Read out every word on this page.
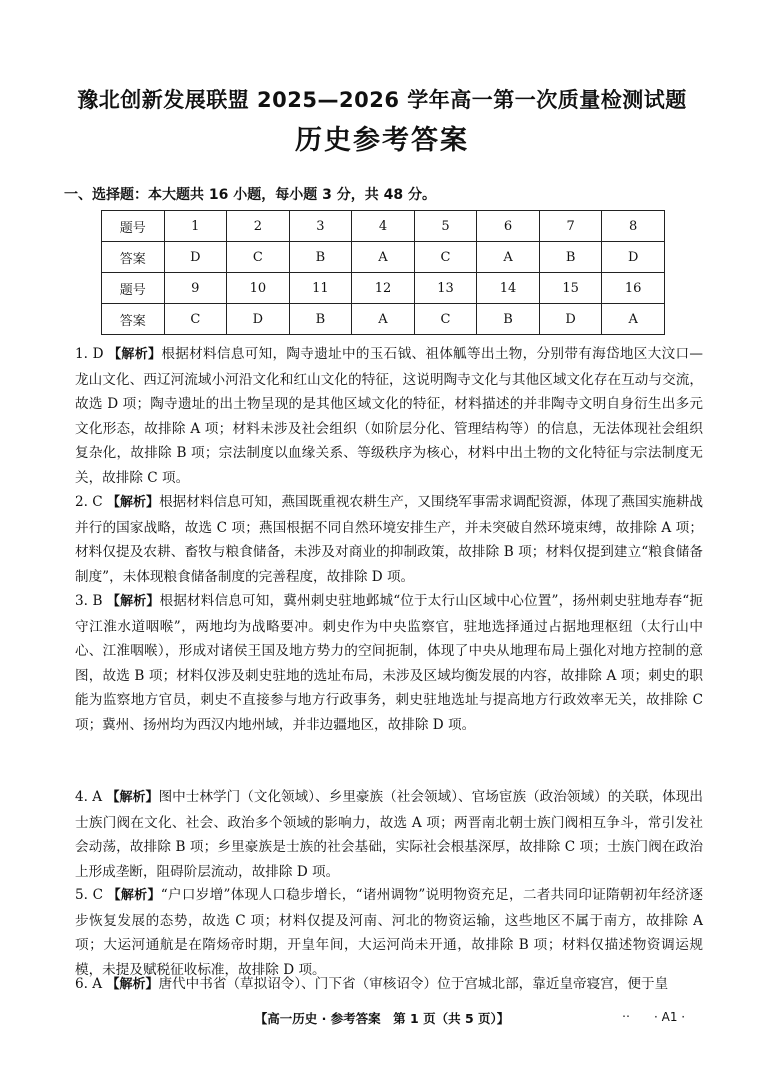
豫北创新发展联盟 2025—2026 学年高一第一次质量检测试题
历史参考答案
一、选择题：本大题共 16 小题，每小题 3 分，共 48 分。
题号	1	2	3	4	5	6	7	8
答案	D	C	B	A	C	A	B	D
题号	9	10	11	12	13	14	15	16
答案	C	D	B	A	C	B	D	A

1. D 【解析】根据材料信息可知，陶寺遗址中的玉石钺、祖体觚等出土物，分别带有海岱地区大汶口—龙山文化、西辽河流域小河沿文化和红山文化的特征，这说明陶寺文化与其他区域文化存在互动与交流，故选 D 项；陶寺遗址的出土物呈现的是其他区域文化的特征，材料描述的并非陶寺文明自身衍生出多元文化形态，故排除 A 项；材料未涉及社会组织（如阶层分化、管理结构等）的信息，无法体现社会组织复杂化，故排除 B 项；宗法制度以血缘关系、等级秩序为核心，材料中出土物的文化特征与宗法制度无关，故排除 C 项。

2. C 【解析】根据材料信息可知，燕国既重视农耕生产，又围绕军事需求调配资源，体现了燕国实施耕战并行的国家战略，故选 C 项；燕国根据不同自然环境安排生产，并未突破自然环境束缚，故排除 A 项；材料仅提及农耕、畜牧与粮食储备，未涉及对商业的抑制政策，故排除 B 项；材料仅提到建立“粮食储备制度”，未体现粮食储备制度的完善程度，故排除 D 项。

3. B 【解析】根据材料信息可知，冀州刺史驻地邺城“位于太行山区域中心位置”，扬州刺史驻地寿春“扼守江淮水道咽喉”，两地均为战略要冲。刺史作为中央监察官，驻地选择通过占据地理枢纽（太行山中心、江淮咽喉），形成对诸侯王国及地方势力的空间扼制，体现了中央从地理布局上强化对地方控制的意图，故选 B 项；材料仅涉及刺史驻地的选址布局，未涉及区域均衡发展的内容，故排除 A 项；刺史的职能为监察地方官员，刺史不直接参与地方行政事务，刺史驻地选址与提高地方行政效率无关，故排除 C 项；冀州、扬州均为西汉内地州域，并非边疆地区，故排除 D 项。

4. A 【解析】图中士林学门（文化领域）、乡里豪族（社会领域）、官场宦族（政治领域）的关联，体现出士族门阀在文化、社会、政治多个领域的影响力，故选 A 项；两晋南北朝士族门阀相互争斗，常引发社会动荡，故排除 B 项；乡里豪族是士族的社会基础，实际社会根基深厚，故排除 C 项；士族门阀在政治上形成垄断，阻碍阶层流动，故排除 D 项。

5. C 【解析】“户口岁增”体现人口稳步增长，“诸州调物”说明物资充足，二者共同印证隋朝初年经济逐步恢复发展的态势，故选 C 项；材料仅提及河南、河北的物资运输，这些地区不属于南方，故排除 A 项；大运河通航是在隋炀帝时期，开皇年间，大运河尚未开通，故排除 B 项；材料仅描述物资调运规模，未提及赋税征收标准，故排除 D 项。

6. A 【解析】唐代中书省（草拟诏令）、门下省（审核诏令）位于宫城北部，靠近皇帝寝宫，便于皇

【高一历史 · 参考答案　第 1 页（共 5 页）】	‥ · A1 ·
